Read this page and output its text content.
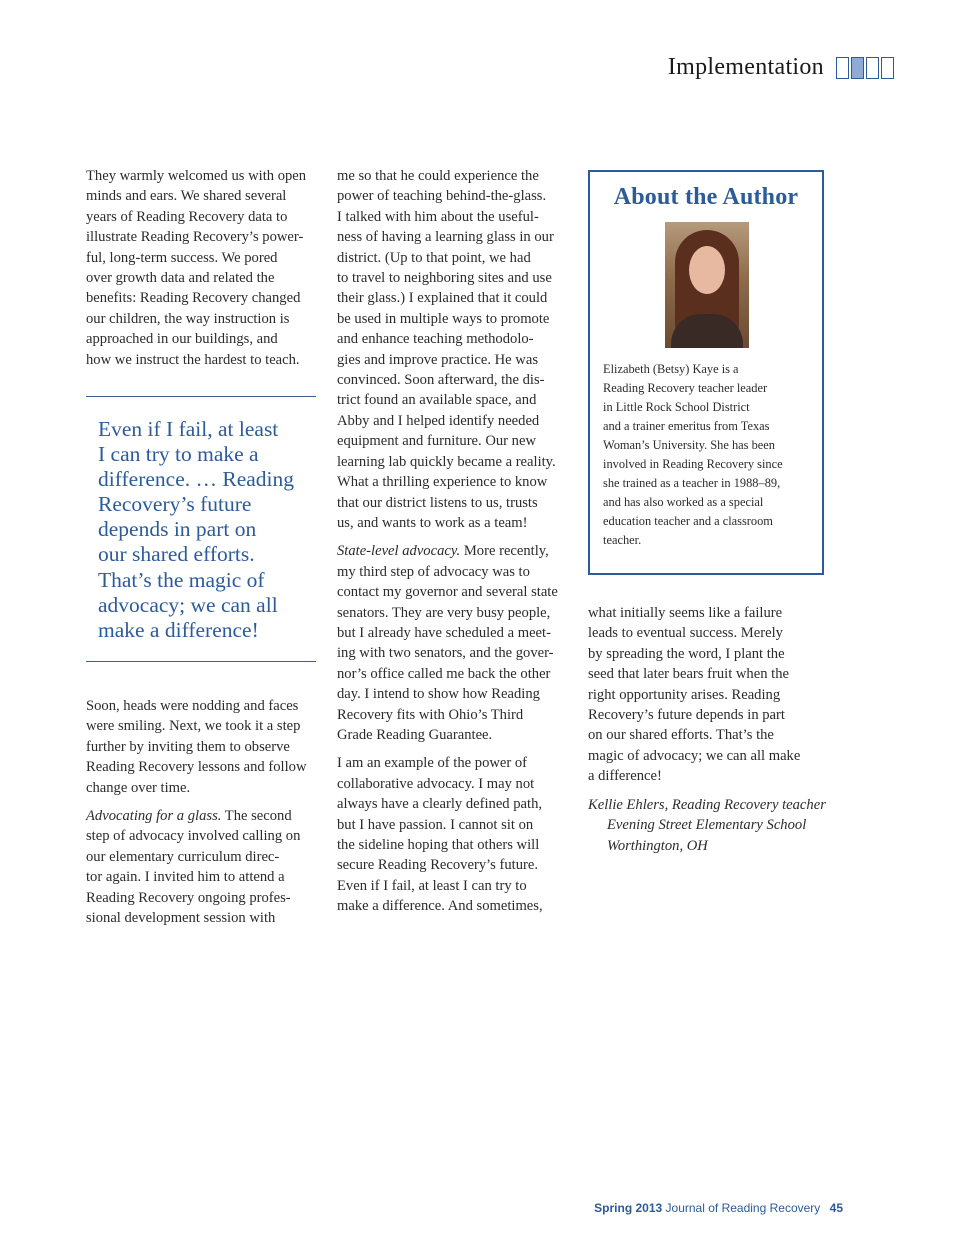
Implementation

They warmly welcomed us with open
minds and ears. We shared several
years of Reading Recovery data to
illustrate Reading Recovery’s power-
ful, long-term success. We pored
over growth data and related the
benefits: Reading Recovery changed
our children, the way instruction is
approached in our buildings, and
how we instruct the hardest to teach.

Even if I fail, at least
I can try to make a
difference. … Reading
Recovery’s future
depends in part on
our shared efforts.
That’s the magic of
advocacy; we can all
make a difference!

Soon, heads were nodding and faces
were smiling. Next, we took it a step
further by inviting them to observe
Reading Recovery lessons and follow
change over time.

Advocating for a glass. The second
step of advocacy involved calling on
our elementary curriculum direc-
tor again. I invited him to attend a
Reading Recovery ongoing profes-
sional development session with

me so that he could experience the
power of teaching behind-the-glass.
I talked with him about the useful-
ness of having a learning glass in our
district. (Up to that point, we had
to travel to neighboring sites and use
their glass.) I explained that it could
be used in multiple ways to promote
and enhance teaching methodolo-
gies and improve practice. He was
convinced. Soon afterward, the dis-
trict found an available space, and
Abby and I helped identify needed
equipment and furniture. Our new
learning lab quickly became a reality.
What a thrilling experience to know
that our district listens to us, trusts
us, and wants to work as a team!

State-level advocacy. More recently,
my third step of advocacy was to
contact my governor and several state
senators. They are very busy people,
but I already have scheduled a meet-
ing with two senators, and the gover-
nor’s office called me back the other
day. I intend to show how Reading
Recovery fits with Ohio’s Third
Grade Reading Guarantee.

I am an example of the power of
collaborative advocacy. I may not
always have a clearly defined path,
but I have passion. I cannot sit on
the sideline hoping that others will
secure Reading Recovery’s future.
Even if I fail, at least I can try to
make a difference. And sometimes,

About the Author
Elizabeth (Betsy) Kaye is a
Reading Recovery teacher leader
in Little Rock School District
and a trainer emeritus from Texas
Woman’s University. She has been
involved in Reading Recovery since
she trained as a teacher in 1988–89,
and has also worked as a special
education teacher and a classroom
teacher.

what initially seems like a failure
leads to eventual success. Merely
by spreading the word, I plant the
seed that later bears fruit when the
right opportunity arises. Reading
Recovery’s future depends in part
on our shared efforts. That’s the
magic of advocacy; we can all make
a difference!

Kellie Ehlers, Reading Recovery teacher
Evening Street Elementary School
Worthington, OH
Spring 2013 Journal of Reading Recovery 45
